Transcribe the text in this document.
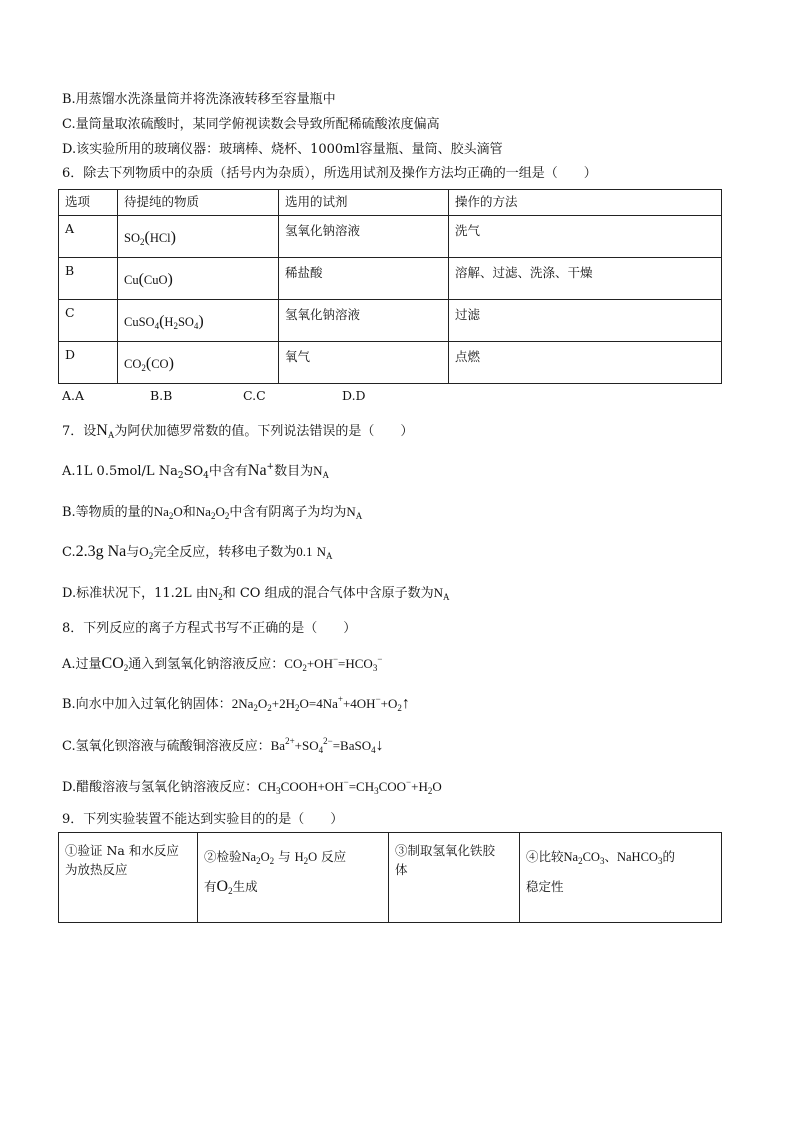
B.用蒸馏水洗涤量筒并将洗涤液转移至容量瓶中
C.量筒量取浓硫酸时，某同学俯视读数会导致所配稀硫酸浓度偏高
D.该实验所用的玻璃仪器：玻璃棒、烧杯、1000ml容量瓶、量筒、胶头滴管
6．除去下列物质中的杂质（括号内为杂质），所选用试剂及操作方法均正确的一组是（　　）
选项	待提纯的物质	选用的试剂	操作的方法
A	$SO_2(HCl)$	氢氧化钠溶液	洗气
B	Cu(CuO)	稀盐酸	溶解、过滤、洗涤、干燥
C	$CuSO_4(H_2SO_4)$	氢氧化钠溶液	过滤
D	$CO_2(CO)$	氧气	点燃
A.A	B.B	C.C	D.D
7．设$N_A$为阿伏加德罗常数的值。下列说法错误的是（　　）
A.1L 0.5mol/L $Na_2SO_4$中含有Na+数目为$N_A$
B.等物质的量的$Na_2O$和$Na_2O_2$中含有阴离子为均为$N_A$
C.2.3g Na与$O_2$完全反应，转移电子数为0.1 $N_A$
D.标准状况下，11.2L 由$N_2$和 CO 组成的混合气体中含原子数为$N_A$
8．下列反应的离子方程式书写不正确的是（　　）
A.过量$CO_2$通入到氢氧化钠溶液反应：$CO_2+OH^-=HCO_3^-$
B.向水中加入过氧化钠固体：$2Na_2O_2+2H_2O=4Na^++4OH^-+O_2↑$
C.氢氧化钡溶液与硫酸铜溶液反应：$Ba^{2+}+SO_4^{2-}=BaSO_4↓$
D.醋酸溶液与氢氧化钠溶液反应：$CH_3COOH+OH^-=CH_3COO^-+H_2O$
9．下列实验装置不能达到实验目的的是（　　）
①验证 Na 和水反应
为放热反应

②检验$Na_2O_2$ 与 $H_2O$ 反应
有$O_2$生成

③制取氢氧化铁胶
体

④比较$Na_2CO_3$、NaHCO$_3$的
稳定性
